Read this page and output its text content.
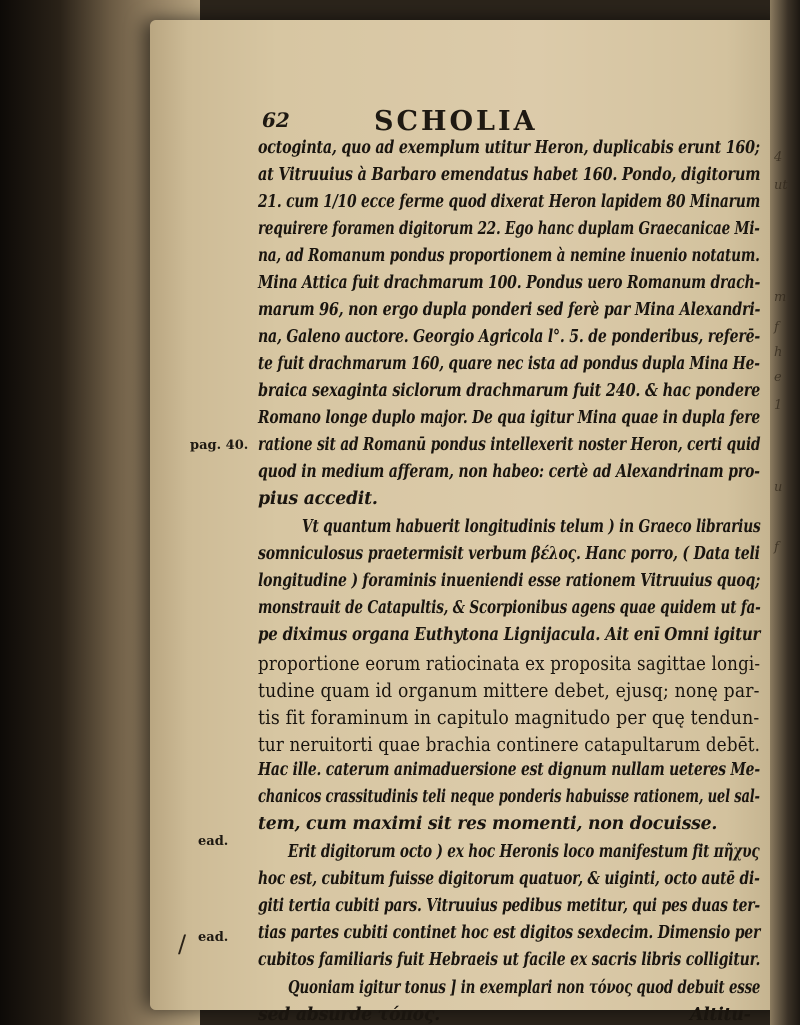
4
ut
m
f
h
e
1
u
f
62	SCHOLIA
pag. 40.
ead.
ead.
octoginta, quo ad exemplum utitur Heron, duplicabis erunt 160;
at Vitruuius à Barbaro emendatus habet 160. Pondo, digitorum
21. cum 1/10 ecce ferme quod dixerat Heron lapidem 80 Minarum
requirere foramen digitorum 22. Ego hanc duplam Graecanicae Mi-
na, ad Romanum pondus proportionem à nemine inuenio notatum.
Mina Attica fuit drachmarum 100. Pondus uero Romanum drach-
marum 96, non ergo dupla ponderi sed ferè par Mina Alexandri-
na, Galeno auctore. Georgio Agricola l°. 5. de ponderibus, referē-
te fuit drachmarum 160, quare nec ista ad pondus dupla Mina He-
braica sexaginta siclorum drachmarum fuit 240. & hac pondere
Romano longe duplo major. De qua igitur Mina quae in dupla fere
ratione sit ad Romanū pondus intellexerit noster Heron, certi quid
quod in medium afferam, non habeo: certè ad Alexandrinam pro-
pius accedit.
Vt quantum habuerit longitudinis telum ) in Graeco librarius
somniculosus praetermisit verbum βέλος. Hanc porro, ( Data teli
longitudine ) foraminis inueniendi esse rationem Vitruuius quoq;
monstrauit de Catapultis, & Scorpionibus agens quae quidem ut fa-
pe diximus organa Euthytona Lignijacula. Ait enī Omni igitur
proportione eorum ratiocinata ex proposita sagittae longi-
tudine quam id organum mittere debet, ejusq; nonę par-
tis fit foraminum in capitulo magnitudo per quę tendun-
tur neruitorti quae brachia continere catapultarum debēt.
Hac ille. caterum animaduersione est dignum nullam ueteres Me-
chanicos crassitudinis teli neque ponderis habuisse rationem, uel sal-
tem, cum maximi sit res momenti, non docuisse.
Erit digitorum octo ) ex hoc Heronis loco manifestum fit πῆχυς
hoc est, cubitum fuisse digitorum quatuor, & uiginti, octo autē di-
giti tertia cubiti pars. Vitruuius pedibus metitur, qui pes duas ter-
tias partes cubiti continet hoc est digitos sexdecim. Dimensio per
cubitos familiaris fuit Hebraeis ut facile ex sacris libris colligitur.
Quoniam igitur tonus ] in exemplari non τόνος quod debuit esse
sed absurde τόπος.	Altitu-
/
